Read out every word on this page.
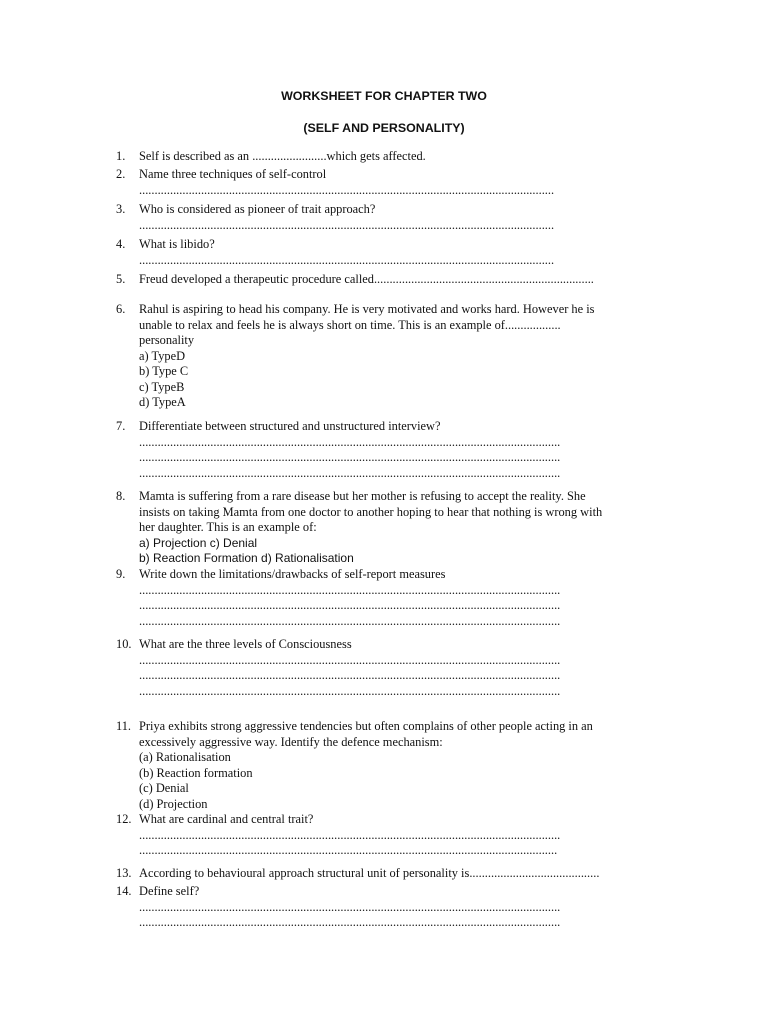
WORKSHEET FOR CHAPTER TWO
(SELF AND PERSONALITY)
1.	Self is described as an ........................which gets affected.
2.	Name three techniques of self-control
......................................................................................................................................
3.	Who is considered as pioneer of trait approach?
......................................................................................................................................
4.	What is libido?
......................................................................................................................................
5.	Freud developed a therapeutic procedure called.......................................................................
6.	Rahul is aspiring to head his company. He is very motivated and works hard. However he is
unable to relax and feels he is always short on time. This is an example of..................
personality
a) TypeD
b) Type C
c) TypeB
d) TypeA
7.	Differentiate between structured and unstructured interview?
........................................................................................................................................
........................................................................................................................................
........................................................................................................................................
8.	Mamta is suffering from a rare disease but her mother is refusing to accept the reality. She
insists on taking Mamta from one doctor to another hoping to hear that nothing is wrong with
her daughter. This is an example of:
a) Projection c) Denial
b) Reaction Formation d) Rationalisation
9.	Write down the limitations/drawbacks of self-report measures
........................................................................................................................................
........................................................................................................................................
........................................................................................................................................
10. What are the three levels of Consciousness
........................................................................................................................................
........................................................................................................................................
........................................................................................................................................
11. Priya exhibits strong aggressive tendencies but often complains of other people acting in an
excessively aggressive way. Identify the defence mechanism:
(a) Rationalisation
(b) Reaction formation
(c) Denial
(d) Projection
12. What are cardinal and central trait?
........................................................................................................................................
.......................................................................................................................................
13. According to behavioural approach structural unit of personality is..........................................
14. Define self?
........................................................................................................................................
........................................................................................................................................
